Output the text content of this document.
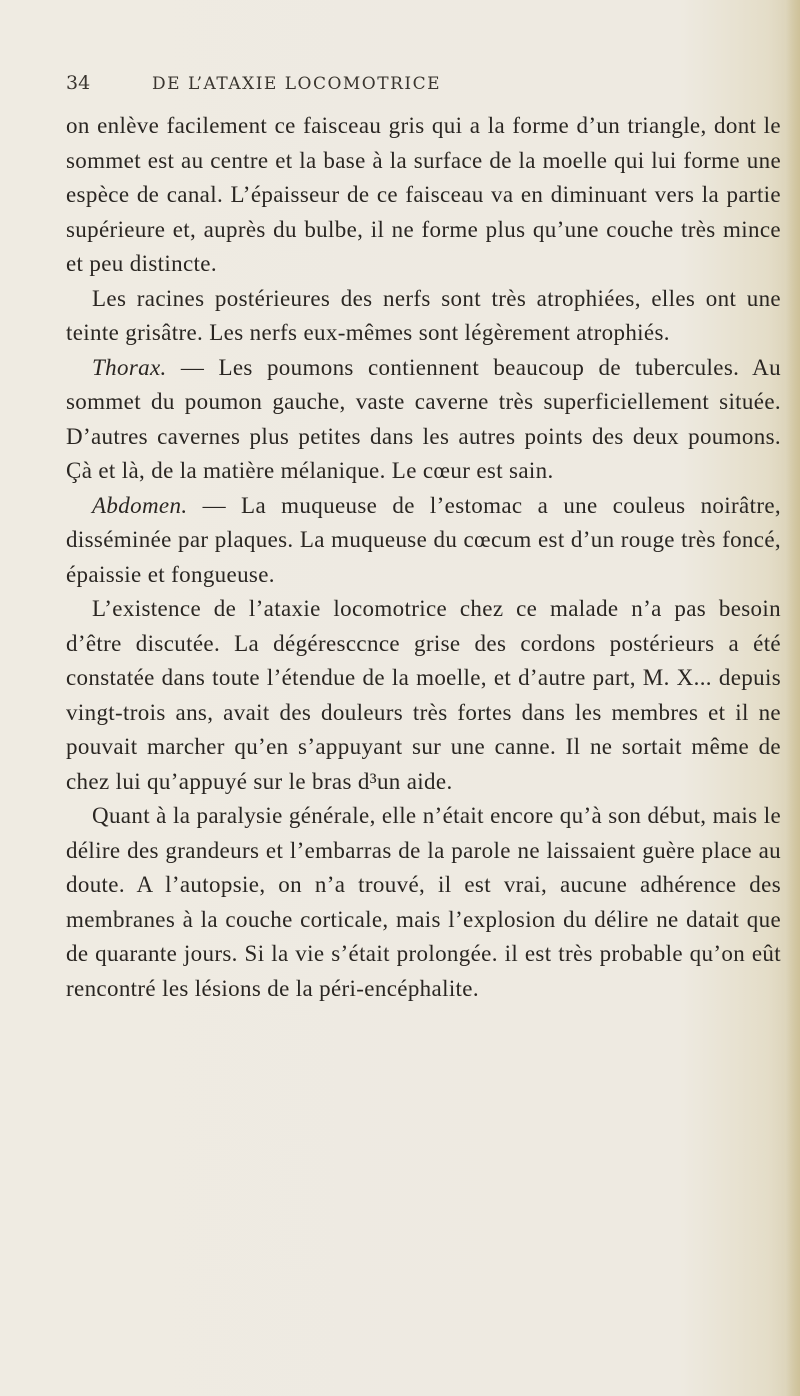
34	DE L’ATAXIE LOCOMOTRICE

on enlève facilement ce faisceau gris qui a la forme d’un triangle, dont le sommet est au centre et la base à la surface de la moelle qui lui forme une espèce de canal. L’épaisseur de ce faisceau va en diminuant vers la partie supérieure et, auprès du bulbe, il ne forme plus qu’une couche très mince et peu distincte.

Les racines postérieures des nerfs sont très atrophiées, elles ont une teinte grisâtre. Les nerfs eux-mêmes sont légèrement atrophiés.

Thorax. — Les poumons contiennent beaucoup de tubercules. Au sommet du poumon gauche, vaste caverne très superficiellement située. D’autres cavernes plus petites dans les autres points des deux poumons. Çà et là, de la matière mélanique. Le cœur est sain.

Abdomen. — La muqueuse de l’estomac a une couleus noirâtre, disséminée par plaques. La muqueuse du cœcum est d’un rouge très foncé, épaissie et fongueuse.

L’existence de l’ataxie locomotrice chez ce malade n’a pas besoin d’être discutée. La dégéresccnce grise des cordons postérieurs a été constatée dans toute l’étendue de la moelle, et d’autre part, M. X... depuis vingt-trois ans, avait des douleurs très fortes dans les membres et il ne pouvait marcher qu’en s’appuyant sur une canne. Il ne sortait même de chez lui qu’appuyé sur le bras d³un aide.

Quant à la paralysie générale, elle n’était encore qu’à son début, mais le délire des grandeurs et l’embarras de la parole ne laissaient guère place au doute. A l’autopsie, on n’a trouvé, il est vrai, aucune adhérence des membranes à la couche corticale, mais l’explosion du délire ne datait que de quarante jours. Si la vie s’était prolongée. il est très probable qu’on eût rencontré les lésions de la péri-encéphalite.
